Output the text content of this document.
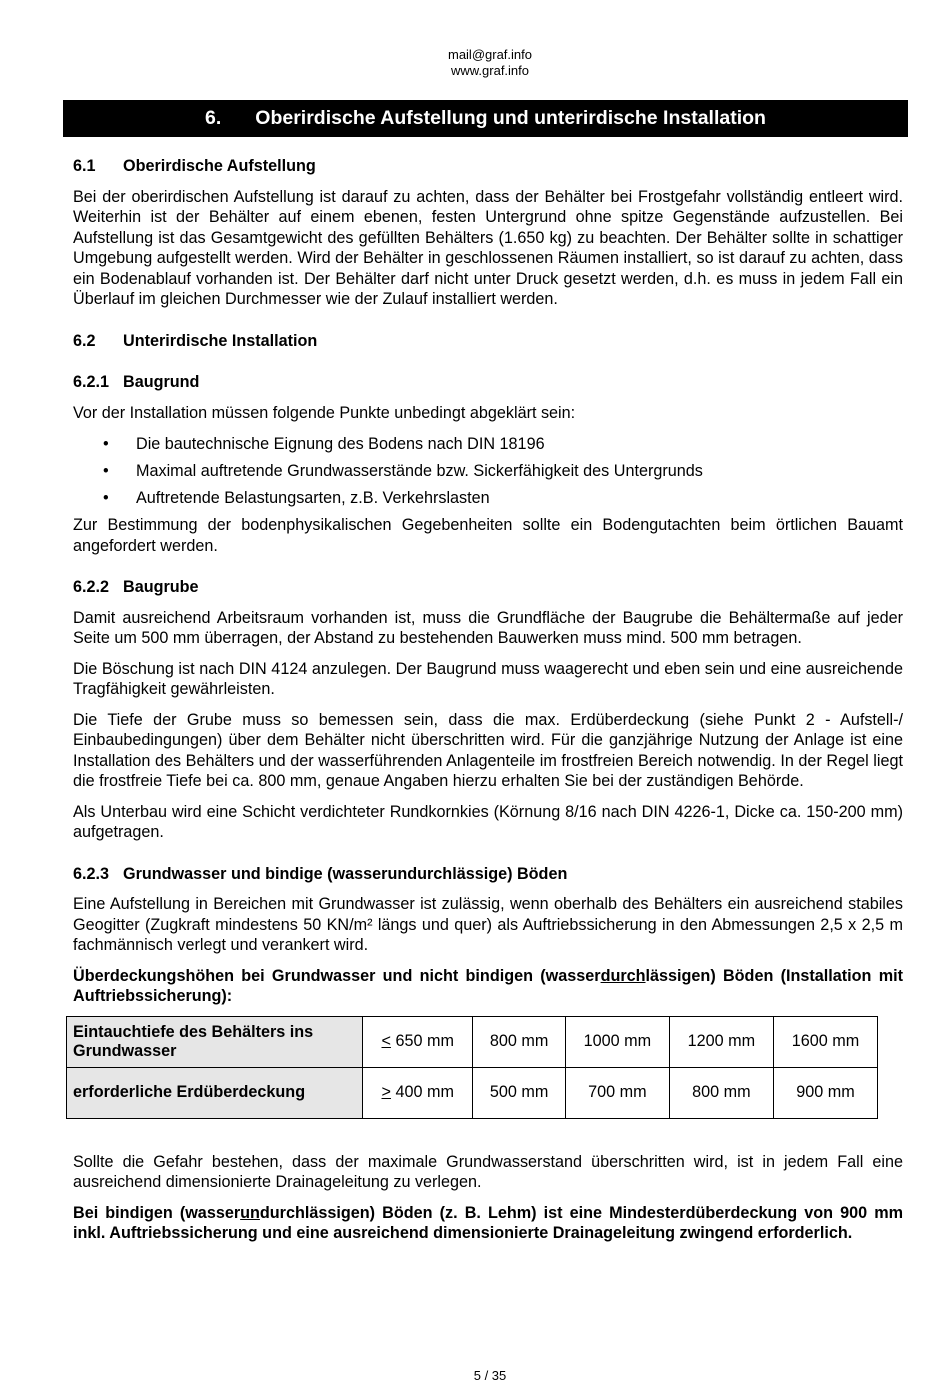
mail@graf.info
www.graf.info
6. Oberirdische Aufstellung und unterirdische Installation
6.1 Oberirdische Aufstellung

Bei der oberirdischen Aufstellung ist darauf zu achten, dass der Behälter bei Frostgefahr vollständig entleert wird. Weiterhin ist der Behälter auf einem ebenen, festen Untergrund ohne spitze Gegenstände aufzustellen. Bei Aufstellung ist das Gesamtgewicht des gefüllten Behälters (1.650 kg) zu beachten. Der Behälter sollte in schattiger Umgebung aufgestellt werden. Wird der Behälter in geschlossenen Räumen installiert, so ist darauf zu achten, dass ein Bodenablauf vorhanden ist. Der Behälter darf nicht unter Druck gesetzt werden, d.h. es muss in jedem Fall ein Überlauf im gleichen Durchmesser wie der Zulauf installiert werden.

6.2 Unterirdische Installation
6.2.1 Baugrund

Vor der Installation müssen folgende Punkte unbedingt abgeklärt sein:

• Die bautechnische Eignung des Bodens nach DIN 18196
• Maximal auftretende Grundwasserstände bzw. Sickerfähigkeit des Untergrunds
• Auftretende Belastungsarten, z.B. Verkehrslasten

Zur Bestimmung der bodenphysikalischen Gegebenheiten sollte ein Bodengutachten beim örtlichen Bauamt angefordert werden.

6.2.2 Baugrube

Damit ausreichend Arbeitsraum vorhanden ist, muss die Grundfläche der Baugrube die Behältermaße auf jeder Seite um 500 mm überragen, der Abstand zu bestehenden Bauwerken muss mind. 500 mm betragen.

Die Böschung ist nach DIN 4124 anzulegen. Der Baugrund muss waagerecht und eben sein und eine ausreichende Tragfähigkeit gewährleisten.

Die Tiefe der Grube muss so bemessen sein, dass die max. Erdüberdeckung (siehe Punkt 2 - Aufstell-/ Einbaubedingungen) über dem Behälter nicht überschritten wird. Für die ganzjährige Nutzung der Anlage ist eine Installation des Behälters und der wasserführenden Anlagenteile im frostfreien Bereich notwendig. In der Regel liegt die frostfreie Tiefe bei ca. 800 mm, genaue Angaben hierzu erhalten Sie bei der zuständigen Behörde.

Als Unterbau wird eine Schicht verdichteter Rundkornkies (Körnung 8/16 nach DIN 4226-1, Dicke ca. 150-200 mm) aufgetragen.

6.2.3 Grundwasser und bindige (wasserundurchlässige) Böden

Eine Aufstellung in Bereichen mit Grundwasser ist zulässig, wenn oberhalb des Behälters ein ausreichend stabiles Geogitter (Zugkraft mindestens 50 KN/m² längs und quer) als Auftriebssicherung in den Abmessungen 2,5 x 2,5 m fachmännisch verlegt und verankert wird.

Überdeckungshöhen bei Grundwasser und nicht bindigen (wasserdurchlässigen) Böden (Installation mit Auftriebssicherung):

Eintauchtiefe des Behälters ins Grundwasser	< 650 mm	800 mm	1000 mm	1200 mm	1600 mm
erforderliche Erdüberdeckung	> 400 mm	500 mm	700 mm	800 mm	900 mm

Sollte die Gefahr bestehen, dass der maximale Grundwasserstand überschritten wird, ist in jedem Fall eine ausreichend dimensionierte Drainageleitung zu verlegen.

Bei bindigen (wasserundurchlässigen) Böden (z. B. Lehm) ist eine Mindesterdüberdeckung von 900 mm inkl. Auftriebssicherung und eine ausreichend dimensionierte Drainageleitung zwingend erforderlich.

5 / 35
